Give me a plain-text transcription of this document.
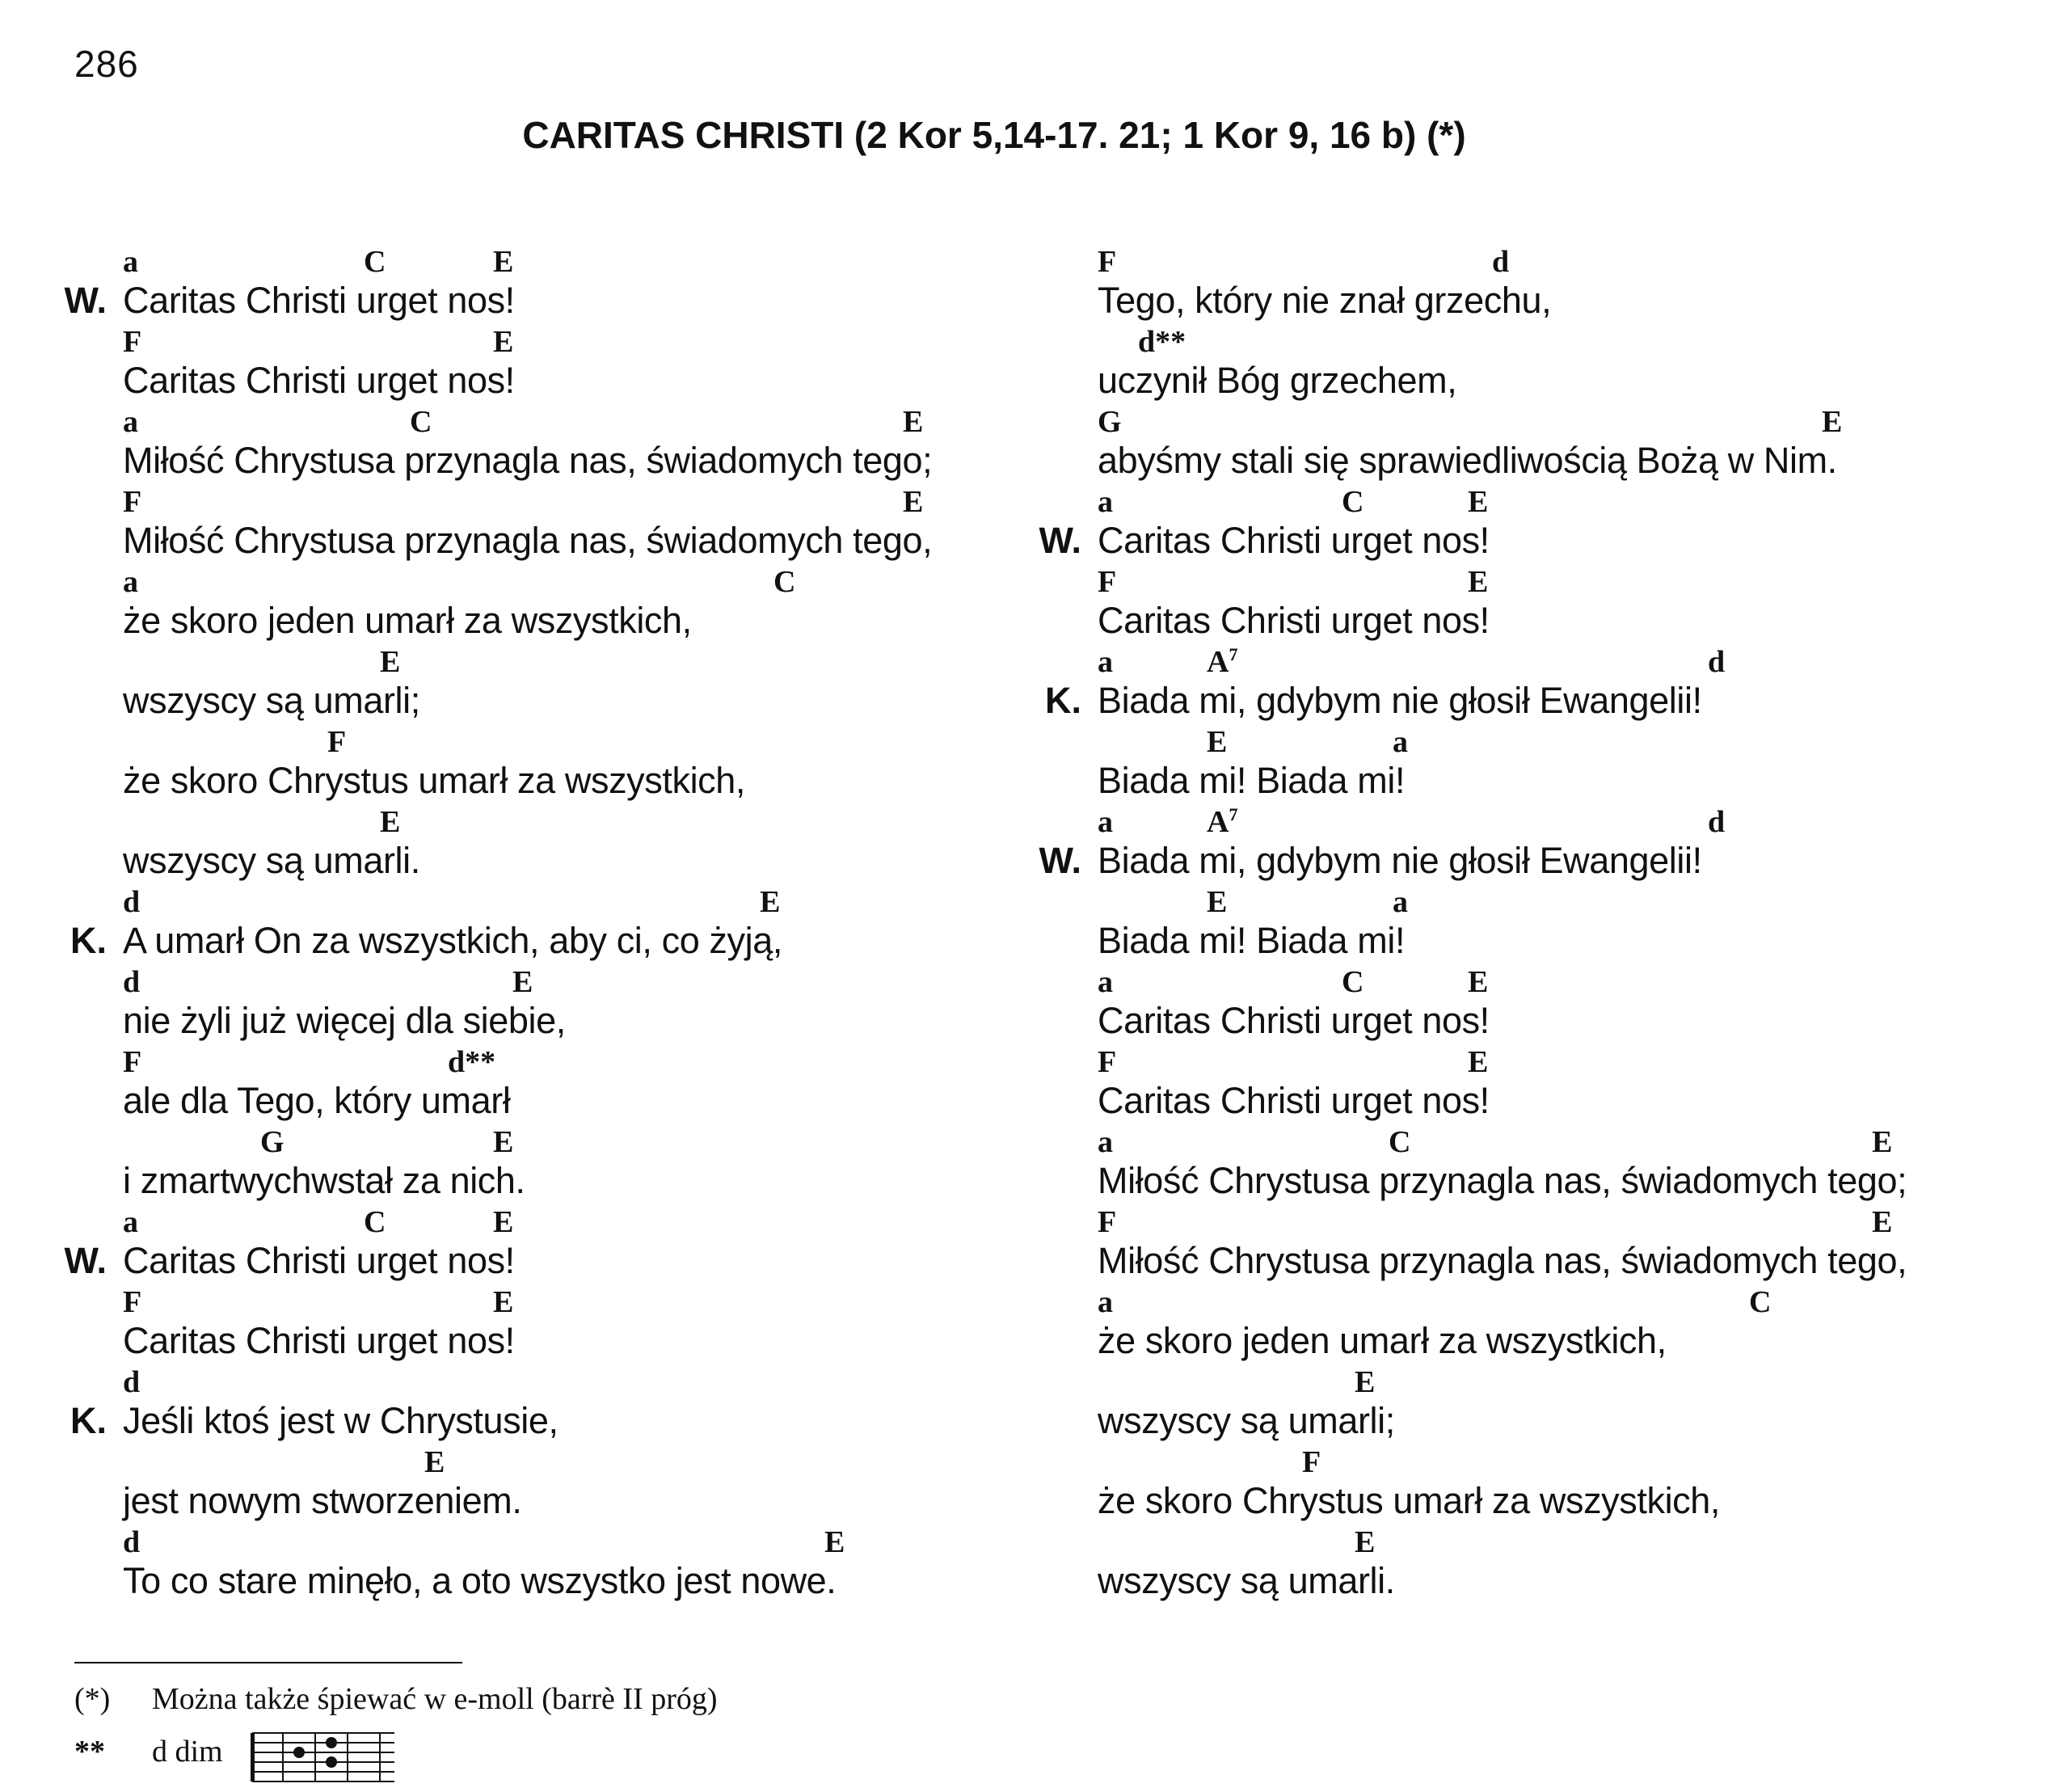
286
CARITAS CHRISTI (2 Kor 5,14-17. 21; 1 Kor 9, 16 b) (*)
a	C	E
W. Caritas Christi urget nos!
F	E
Caritas Christi urget nos!
a	C	E
Miłość Chrystusa przynagla nas, świadomych tego;
F	E
Miłość Chrystusa przynagla nas, świadomych tego,
a	C
że skoro jeden umarł za wszystkich,
E
wszyscy są umarli;
F
że skoro Chrystus umarł za wszystkich,
E
wszyscy są umarli.
d	E
K. A umarł On za wszystkich, aby ci, co żyją,
d	E
nie żyli już więcej dla siebie,
F	d**
ale dla Tego, który umarł
G	E
i zmartwychwstał za nich.
a	C	E
W. Caritas Christi urget nos!
F	E
Caritas Christi urget nos!
d
K. Jeśli ktoś jest w Chrystusie,
E
jest nowym stworzeniem.
d	E
To co stare minęło, a oto wszystko jest nowe.
F	d
Tego, który nie znał grzechu,
d**
uczynił Bóg grzechem,
G	E
abyśmy stali się sprawiedliwością Bożą w Nim.
a	C	E
W. Caritas Christi urget nos!
F	E
Caritas Christi urget nos!
a	$A^7$	d
K. Biada mi, gdybym nie głosił Ewangelii!
E	a
Biada mi! Biada mi!
a	$A^7$	d
W. Biada mi, gdybym nie głosił Ewangelii!
E	a
Biada mi! Biada mi!
a	C	E
Caritas Christi urget nos!
F	E
Caritas Christi urget nos!
a	C	E
Miłość Chrystusa przynagla nas, świadomych tego;
F	E
Miłość Chrystusa przynagla nas, świadomych tego,
a	C
że skoro jeden umarł za wszystkich,
E
wszyscy są umarli;
F
że skoro Chrystus umarł za wszystkich,
E
wszyscy są umarli.
(*) Można także śpiewać w e-moll (barrè II próg)
** d dim
